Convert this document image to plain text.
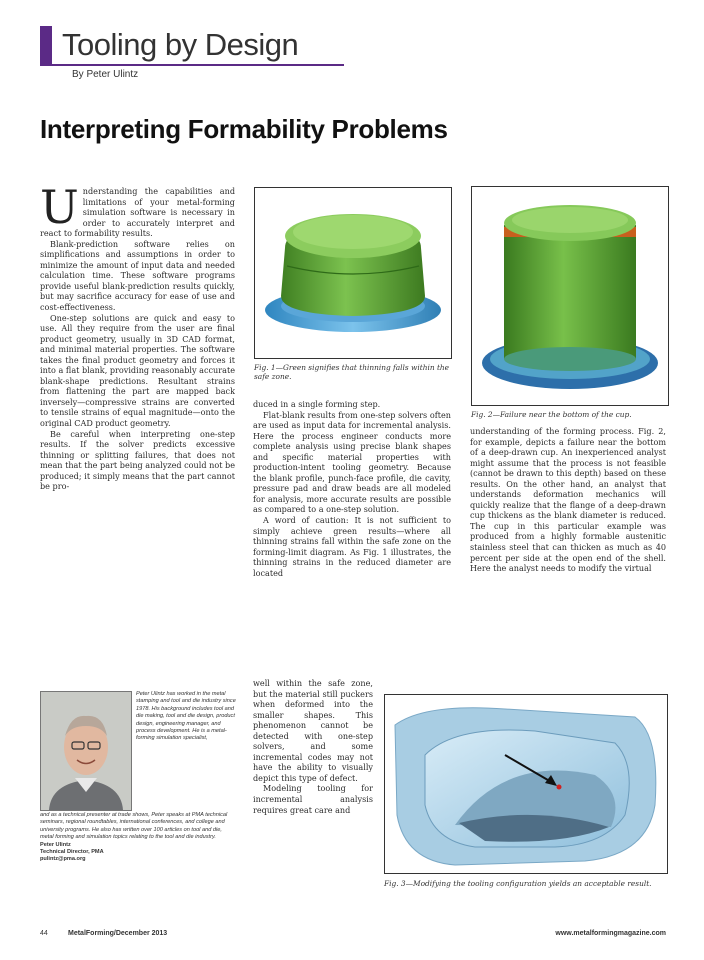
Tooling by Design
By Peter Ulintz
Interpreting Formability Problems

Understanding the capabilities and limitations of your metal-forming simulation software is necessary in order to accurately interpret and react to formability results.

Blank-prediction software relies on simplifications and assumptions in order to minimize the amount of input data and needed calculation time. These software programs provide useful blank-prediction results quickly, but may sacrifice accuracy for ease of use and cost-effectiveness.

One-step solutions are quick and easy to use. All they require from the user are final product geometry, usually in 3D CAD format, and minimal material properties. The software takes the final product geometry and forces it into a flat blank, providing reasonably accurate blank-shape predictions. Resultant strains from flattening the part are mapped back inversely—compressive strains are converted to tensile strains of equal magnitude—onto the original CAD product geometry.

Be careful when interpreting one-step results. If the solver predicts excessive thinning or splitting failures, that does not mean that the part being analyzed could not be produced; it simply means that the part cannot be pro-

Fig. 1—Green signifies that thinning falls within the safe zone.
Fig. 2—Failure near the bottom of the cup.

duced in a single forming step.

Flat-blank results from one-step solvers often are used as input data for incremental analysis. Here the process engineer conducts more complete analysis using precise blank shapes and specific material properties with production-intent tooling geometry. Because the blank profile, punch-face profile, die cavity, pressure pad and draw beads are all modeled for analysis, more accurate results are possible as compared to a one-step solution.

A word of caution: It is not sufficient to simply achieve green results—where all thinning strains fall within the safe zone on the forming-limit diagram. As Fig. 1 illustrates, the thinning strains in the reduced diameter are located

well within the safe zone, but the material still puckers when deformed into the smaller shapes. This phenomenon cannot be detected with one-step solvers, and some incremental codes may not have the ability to visually depict this type of defect.

Modeling tooling for incremental analysis requires great care and

understanding of the forming process. Fig. 2, for example, depicts a failure near the bottom of a deep-drawn cup. An inexperienced analyst might assume that the process is not feasible (cannot be drawn to this depth) based on these results. On the other hand, an analyst that understands deformation mechanics will quickly realize that the flange of a deep-drawn cup thickens as the blank diameter is reduced. The cup in this particular example was produced from a highly formable austenitic stainless steel that can thicken as much as 40 percent per side at the open end of the shell. Here the analyst needs to modify the virtual

Fig. 3—Modifying the tooling configuration yields an acceptable result.
Peter Ulintz has worked in the metal stamping and tool and die industry since 1978. His background includes tool and die making, tool and die design, product design, engineering manager, and process development. He is a metal-forming simulation specialist,
and as a technical presenter at trade shows, Peter speaks at PMA technical seminars, regional roundtables, international conferences, and college and university programs. He also has written over 100 articles on tool and die, metal forming and simulation topics relating to the tool and die industry.
Peter Ulintz
Technical Director, PMA
pulintz@pma.org
44	MetalForming/December 2013	www.metalformingmagazine.com
